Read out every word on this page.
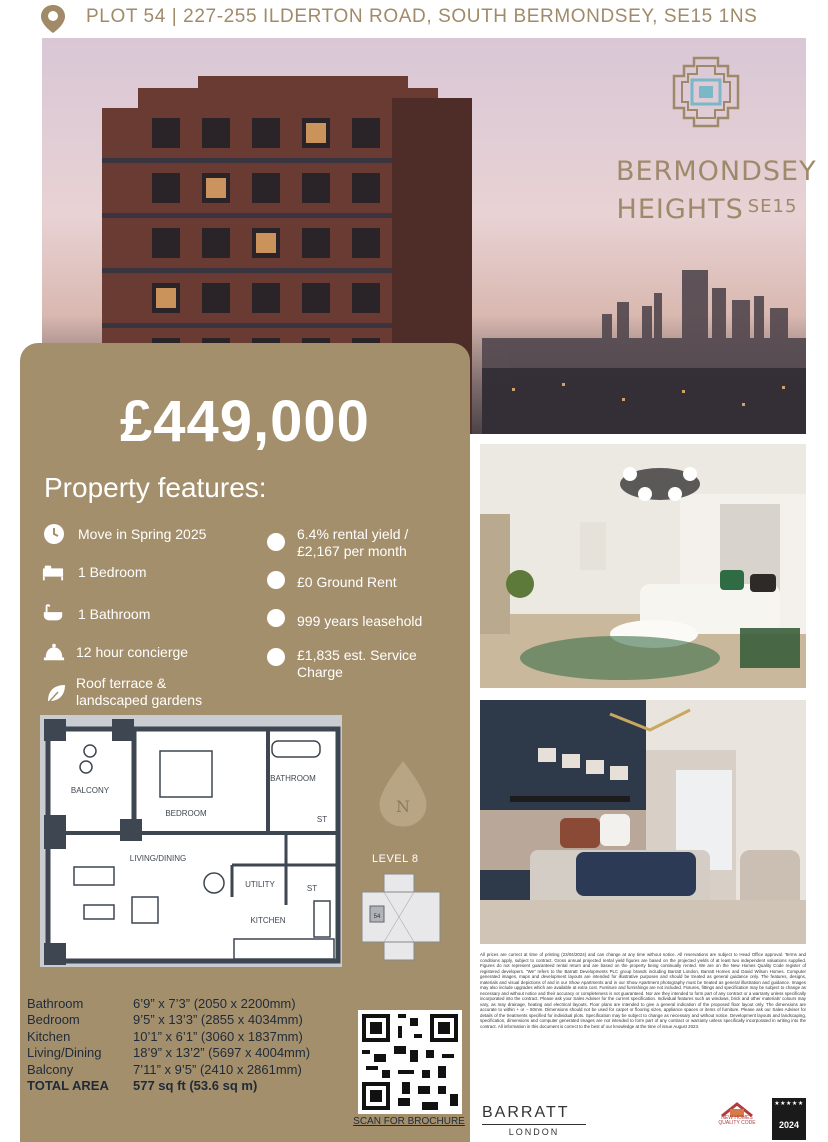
PLOT 54 | 227-255 ILDERTON ROAD, SOUTH BERMONDSEY, SE15 1NS
BERMONDSEY
HEIGHTS $^{SE15}$
£449,000
Property features:
Move in Spring 2025
1 Bedroom
1 Bathroom
12 hour concierge
Roof terrace &
landscaped gardens
6.4% rental yield /
£2,167 per month
£0 Ground Rent
999 years leasehold
£1,835 est. Service
Charge
BALCONY
BEDROOM
BATHROOM
ST
ST
UTILITY
LIVING/DINING
KITCHEN
N
LEVEL 8
54
Bathroom	6’9” x 7’3” (2050 x 2200mm)
Bedroom	9’5” x 13’3” (2855 x 4034mm)
Kitchen	10’1” x 6’1” (3060 x 1837mm)
Living/Dining 18’9” x 13’2” (5697 x 4004mm)
Balcony	7’11” x 9’5” (2410 x 2861mm)
TOTAL AREA 577 sq ft (53.6 sq m)
SCAN FOR BROCHURE
All prices are correct at time of printing (23/04/2024) and can change at any time without notice. All reservations are subject to Head Office approval. Terms and conditions apply, subject to contract. Gross annual projected rental yield figures are based on the projected yields of at least two independent valuations supplied. Figures do not represent guaranteed rental return and are based on the property being continually rented. We are on the New Homes Quality Code register of registered developers. “We” refers to the Barratt Developments PLC group brands including Barratt London, Barratt Homes and David Wilson Homes. Computer generated images, maps and development layouts are intended for illustrative purposes and should be treated as general guidance only. The features, designs, materials and visual depictions of and in our Show Apartments and in our Show Apartment photography must be treated as general illustration and guidance. Images may also include upgrades which are available at extra cost. Furniture and furnishings are not included. Fixtures, fittings and specification may be subject to change as necessary and without notice and their accuracy or completeness is not guaranteed. Nor are they intended to form part of any contract or a warranty unless specifically incorporated into the contract. Please ask your Sales Adviser for the current specification. Individual features such as windows, brick and other materials’ colours may vary, as may drainage, heating and electrical layouts. Floor plans are intended to give a general indication of the proposed floor layout only. The dimensions are accurate to within + or − 50mm. Dimensions should not be used for carpet or flooring sizes, appliance spaces or items of furniture. Please ask our Sales Adviser for details of the treatments specified for individual plots. Specification may be subject to change as necessary and without notice. Development layouts and landscaping, specification, dimensions and computer generated images are not intended to form part of any contract or warranty unless specifically incorporated in writing into the contract. All information in this document is correct to the best of our knowledge at the time of issue August 2023.
BARRATT
LONDON
NEW HOMES QUALITY CODE
★★★★★
2024
